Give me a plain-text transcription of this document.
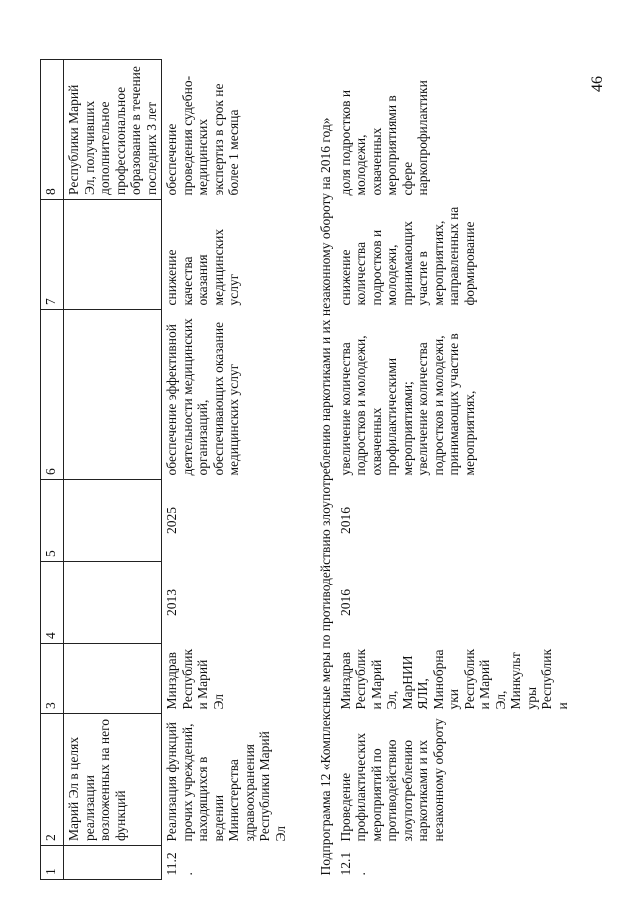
46
1	2	3	4	5	6	7	8
	Марий Эл в целях реализации возложенных на него функций						Республики Марий Эл, получивших дополнительное профессиональное образование в течение последних 3 лет
11.2.	Реализация функций прочих учреждений, находящихся в ведении Министерства здравоохранения Республики Марий Эл	Минздрав Республики Марий Эл	2013	2025	обеспечение эффективной деятельности медицинских организаций, обеспечивающих оказание медицинских услуг	снижение качества оказания медицинских услуг	обеспечение проведения судебно-медицинских экспертиз в срок не более 1 месяца
Подпрограмма 12 «Комплексные меры по противодействию злоупотреблению наркотиками и их незаконному обороту на 2016 год»							
12.1.	Проведение профилактических мероприятий по противодействию злоупотреблению наркотиками и их незаконному обороту	Минздрав Республики Марий Эл, МарНИИЯЛИ, Минобрнауки Республики Марий Эл, Минкультуры Республики	2016	2016	увеличение количества подростков и молодежи, охваченных профилактическими мероприятиями; увеличение количества подростков и молодежи, принимающих участие в мероприятиях,	снижение количества подростков и молодежи, принимающих участие в мероприятиях, направленных на формирование	доля подростков и молодежи, охваченных мероприятиями в сфере наркопрофилактики
